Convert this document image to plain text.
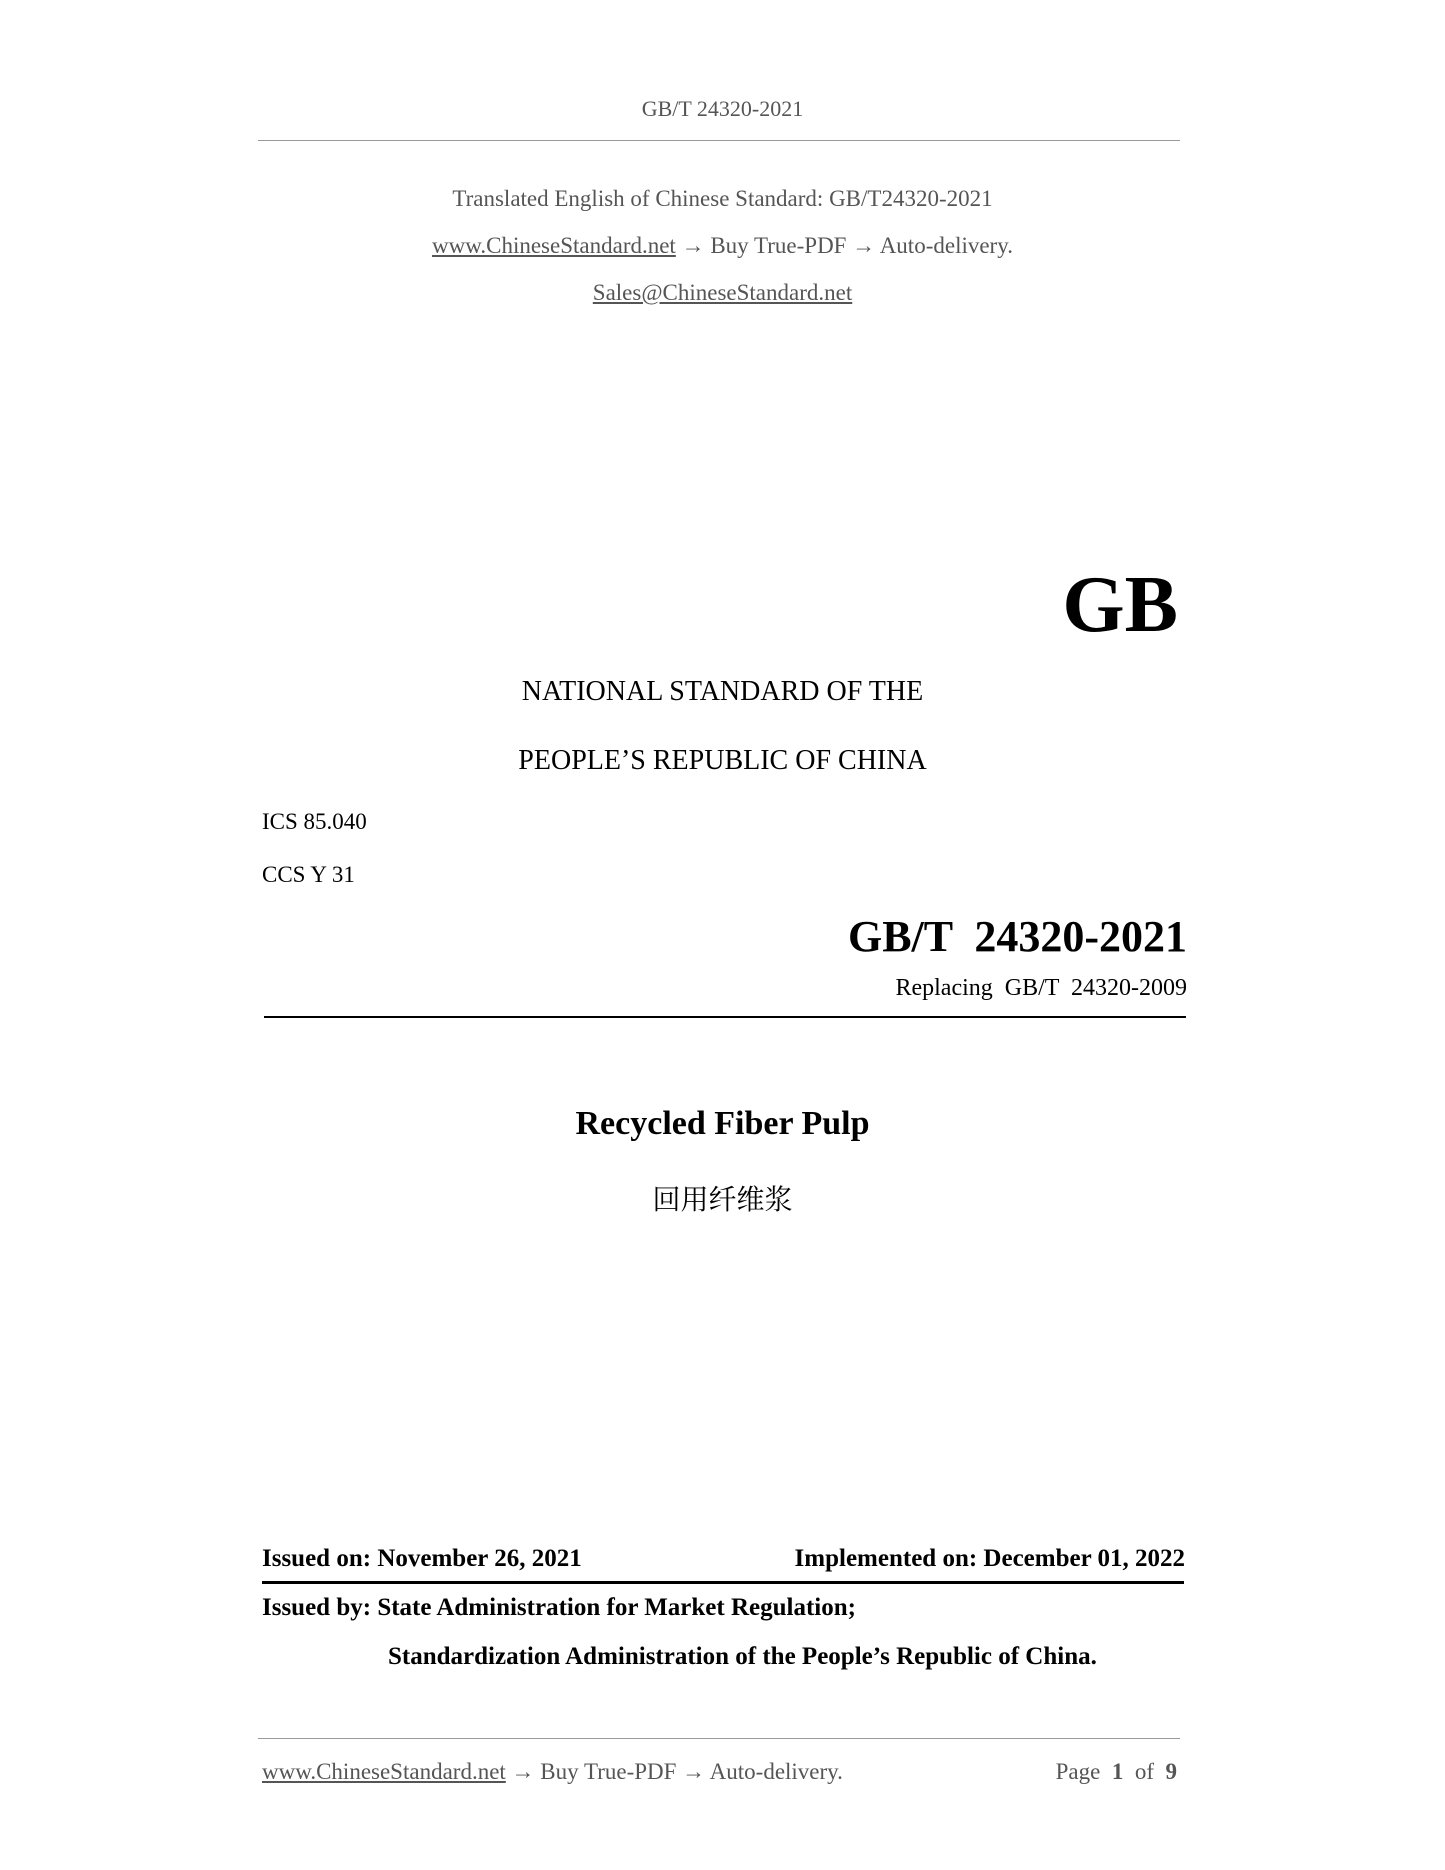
GB/T 24320-2021
Translated English of Chinese Standard: GB/T24320-2021
www.ChineseStandard.net → Buy True-PDF → Auto-delivery.
Sales@ChineseStandard.net
GB
NATIONAL STANDARD OF THE
PEOPLE’S REPUBLIC OF CHINA
ICS 85.040
CCS Y 31
GB/T  24320-2021
Replacing  GB/T  24320-2009
Recycled Fiber Pulp
回用纤维浆
Issued on: November 26, 2021	Implemented on: December 01, 2022
Issued by: State Administration for Market Regulation;
Standardization Administration of the People’s Republic of China.
www.ChineseStandard.net → Buy True-PDF → Auto-delivery.	Page 1 of 9
